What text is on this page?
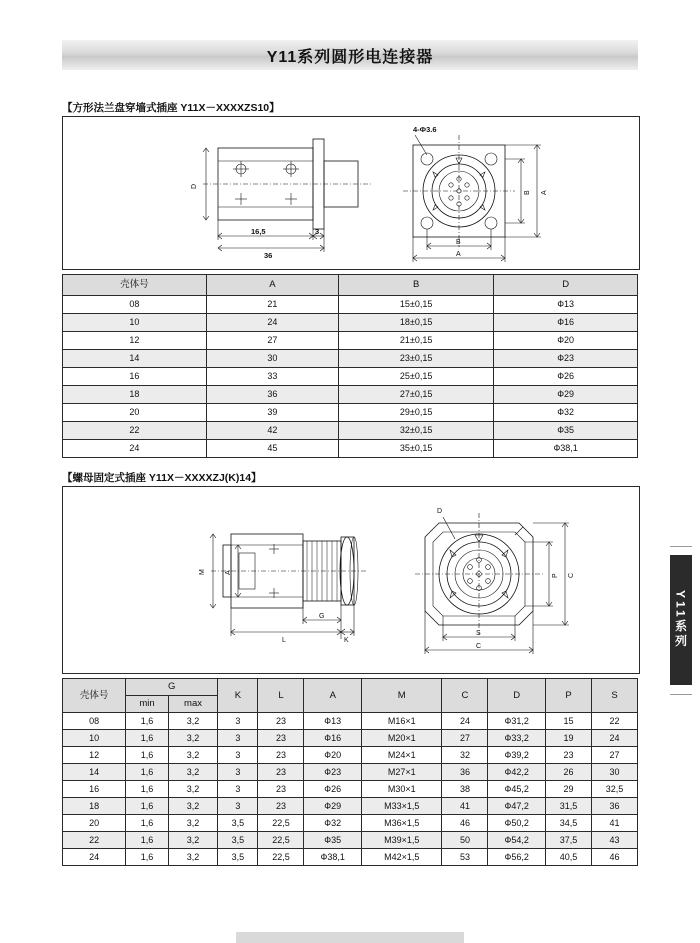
Y11系列圆形电连接器
【方形法兰盘穿墙式插座 Y11X－XXXXZS10】
D
16,5	3
36
4-Ф3.6
B A
B
A
壳体号	A	B	D
08	21	15±0,15	Ф13
10	24	18±0,15	Ф16
12	27	21±0,15	Ф20
14	30	23±0,15	Ф23
16	33	25±0,15	Ф26
18	36	27±0,15	Ф29
20	39	29±0,15	Ф32
22	42	32±0,15	Ф35
24	45	35±0,15	Ф38,1
【螺母固定式插座 Y11X－XXXXZJ(K)14】
M	A
G
K
L
D
P C
S
C
壳体号	G		K	L	A	M	C	D	P	S
	min	max								
08	1,6	3,2	3	23	Ф13	M16×1	24	Ф31,2	15	22
10	1,6	3,2	3	23	Ф16	M20×1	27	Ф33,2	19	24
12	1,6	3,2	3	23	Ф20	M24×1	32	Ф39,2	23	27
14	1,6	3,2	3	23	Ф23	M27×1	36	Ф42,2	26	30
16	1,6	3,2	3	23	Ф26	M30×1	38	Ф45,2	29	32,5
18	1,6	3,2	3	23	Ф29	M33×1,5	41	Ф47,2	31,5	36
20	1,6	3,2	3,5	22,5	Ф32	M36×1,5	46	Ф50,2	34,5	41
22	1,6	3,2	3,5	22,5	Ф35	M39×1,5	50	Ф54,2	37,5	43
24	1,6	3,2	3,5	22,5	Ф38,1	M42×1,5	53	Ф56,2	40,5	46
Y11系列
